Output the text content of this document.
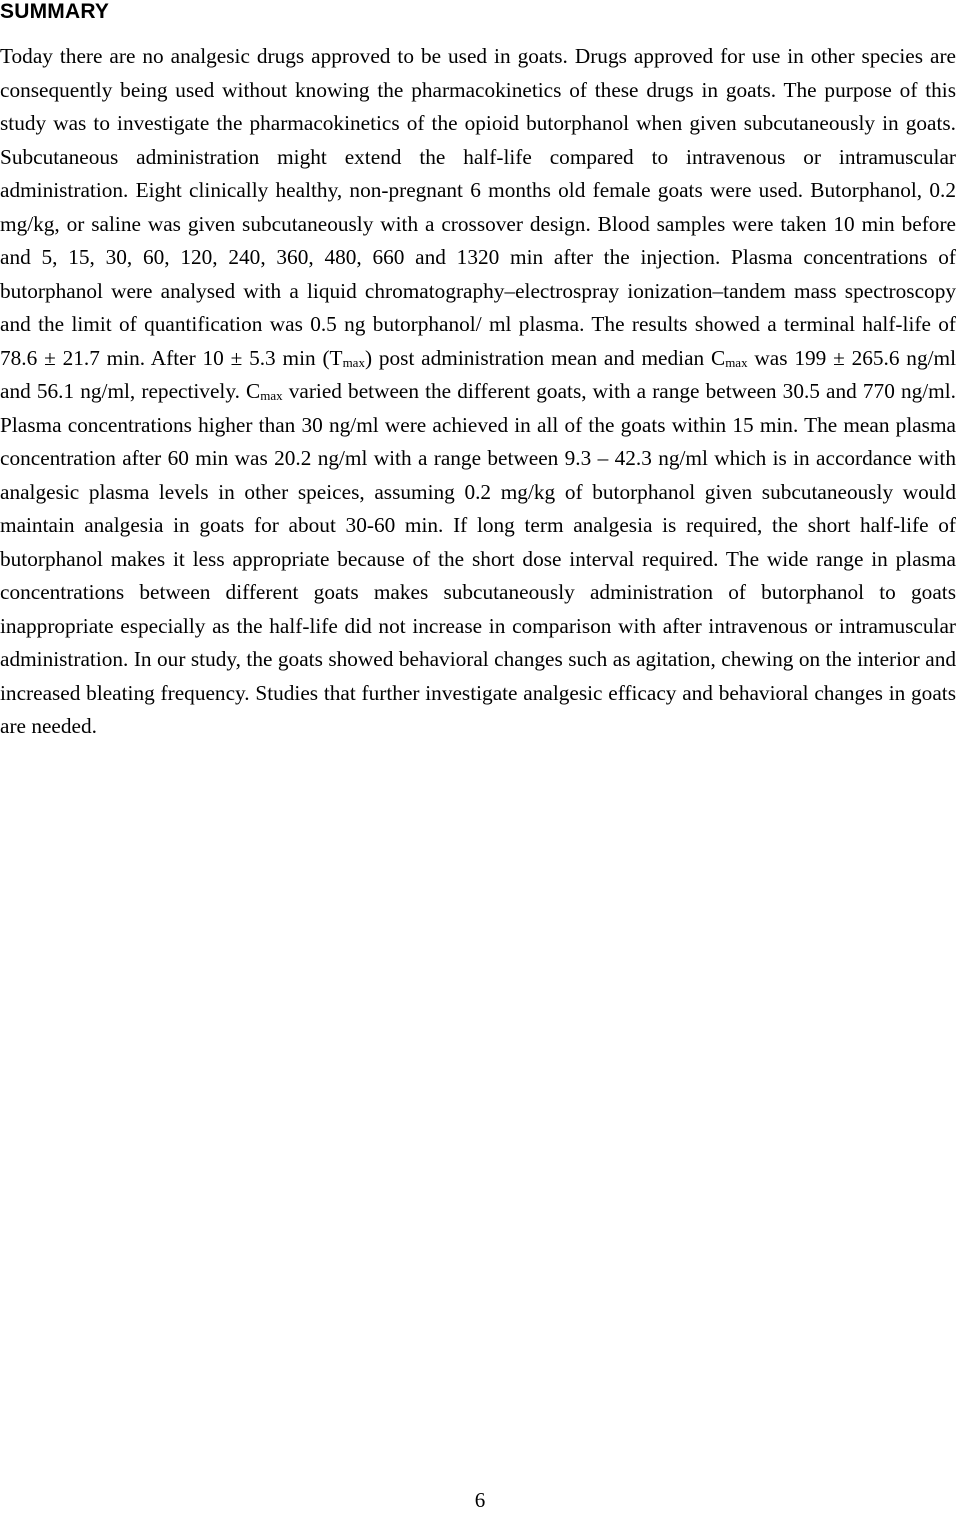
SUMMARY

Today there are no analgesic drugs approved to be used in goats. Drugs approved for use in other species are consequently being used without knowing the pharmacokinetics of these drugs in goats. The purpose of this study was to investigate the pharmacokinetics of the opioid butorphanol when given subcutaneously in goats. Subcutaneous administration might extend the half-life compared to intravenous or intramuscular administration. Eight clinically healthy, non-pregnant 6 months old female goats were used. Butorphanol, 0.2 mg/kg, or saline was given subcutaneously with a crossover design. Blood samples were taken 10 min before and 5, 15, 30, 60, 120, 240, 360, 480, 660 and 1320 min after the injection. Plasma concentrations of butorphanol were analysed with a liquid chromatography–electrospray ionization–tandem mass spectroscopy and the limit of quantification was 0.5 ng butorphanol/ ml plasma. The results showed a terminal half-life of 78.6 ± 21.7 min. After 10 ± 5.3 $\min (T_{max})$ post administration mean and median $C_{max}$ was 199 ± 265.6 ng/ml and 56.1 ng/ml, repectively. $C_{max}$ varied between the different goats, with a range between 30.5 and 770 ng/ml. Plasma concentrations higher than 30 ng/ml were achieved in all of the goats within 15 min. The mean plasma concentration after 60 min was 20.2 ng/ml with a range between 9.3 – 42.3 ng/ml which is in accordance with analgesic plasma levels in other speices, assuming 0.2 mg/kg of butorphanol given subcutaneously would maintain analgesia in goats for about 30-60 min. If long term analgesia is required, the short half-life of butorphanol makes it less appropriate because of the short dose interval required. The wide range in plasma concentrations between different goats makes subcutaneously administration of butorphanol to goats inappropriate especially as the half-life did not increase in comparison with after intravenous or intramuscular administration. In our study, the goats showed behavioral changes such as agitation, chewing on the interior and increased bleating frequency. Studies that further investigate analgesic efficacy and behavioral changes in goats are needed.

6
